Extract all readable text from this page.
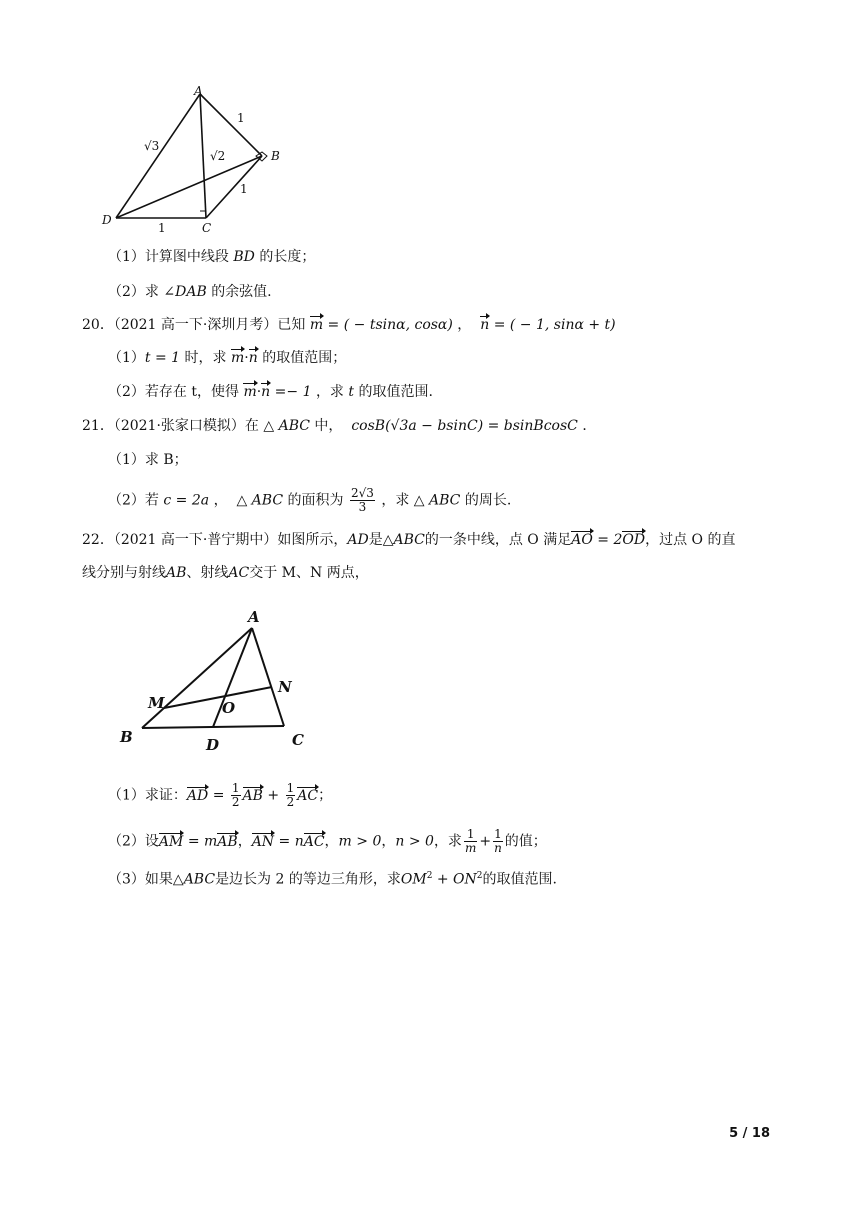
A
B
C
D
1
√3
√2
1
1
（1）计算图中线段 BD 的长度；
（2）求 ∠DAB 的余弦值.
20．（2021 高一下·深圳月考）已知 m = ( − tsinα, cosα) ， n = ( − 1, sinα + t)
（1）t = 1 时，求 m·n 的取值范围；
（2）若存在 t，使得 m·n =− 1 ，求 t 的取值范围.
21．（2021·张家口模拟）在 △ ABC 中， cosB(√3a − bsinC) = bsinBcosC ．
（1）求 B；
（2）若 c = 2a ， △ ABC 的面积为 $\frac{2√3}{3}$ ，求 △ ABC 的周长.
22．（2021 高一下·普宁期中）如图所示，AD是△ABC的一条中线，点 O 满足AO = 2OD，过点 O 的直
线分别与射线AB、射线AC交于 M、N 两点，
A
B	C
D
M
N
O
（1）求证：AD = $\frac{1}{2}$ AB + $\frac{1}{2}$ AC；
（2）设AM = mAB，AN = nAC，m > 0，n > 0，求 $\frac{1}{m} + \frac{1}{n}$ 的值；
（3）如果△ABC是边长为 2 的等边三角形，求$OM^2 + ON^2$的取值范围.
5 / 18
